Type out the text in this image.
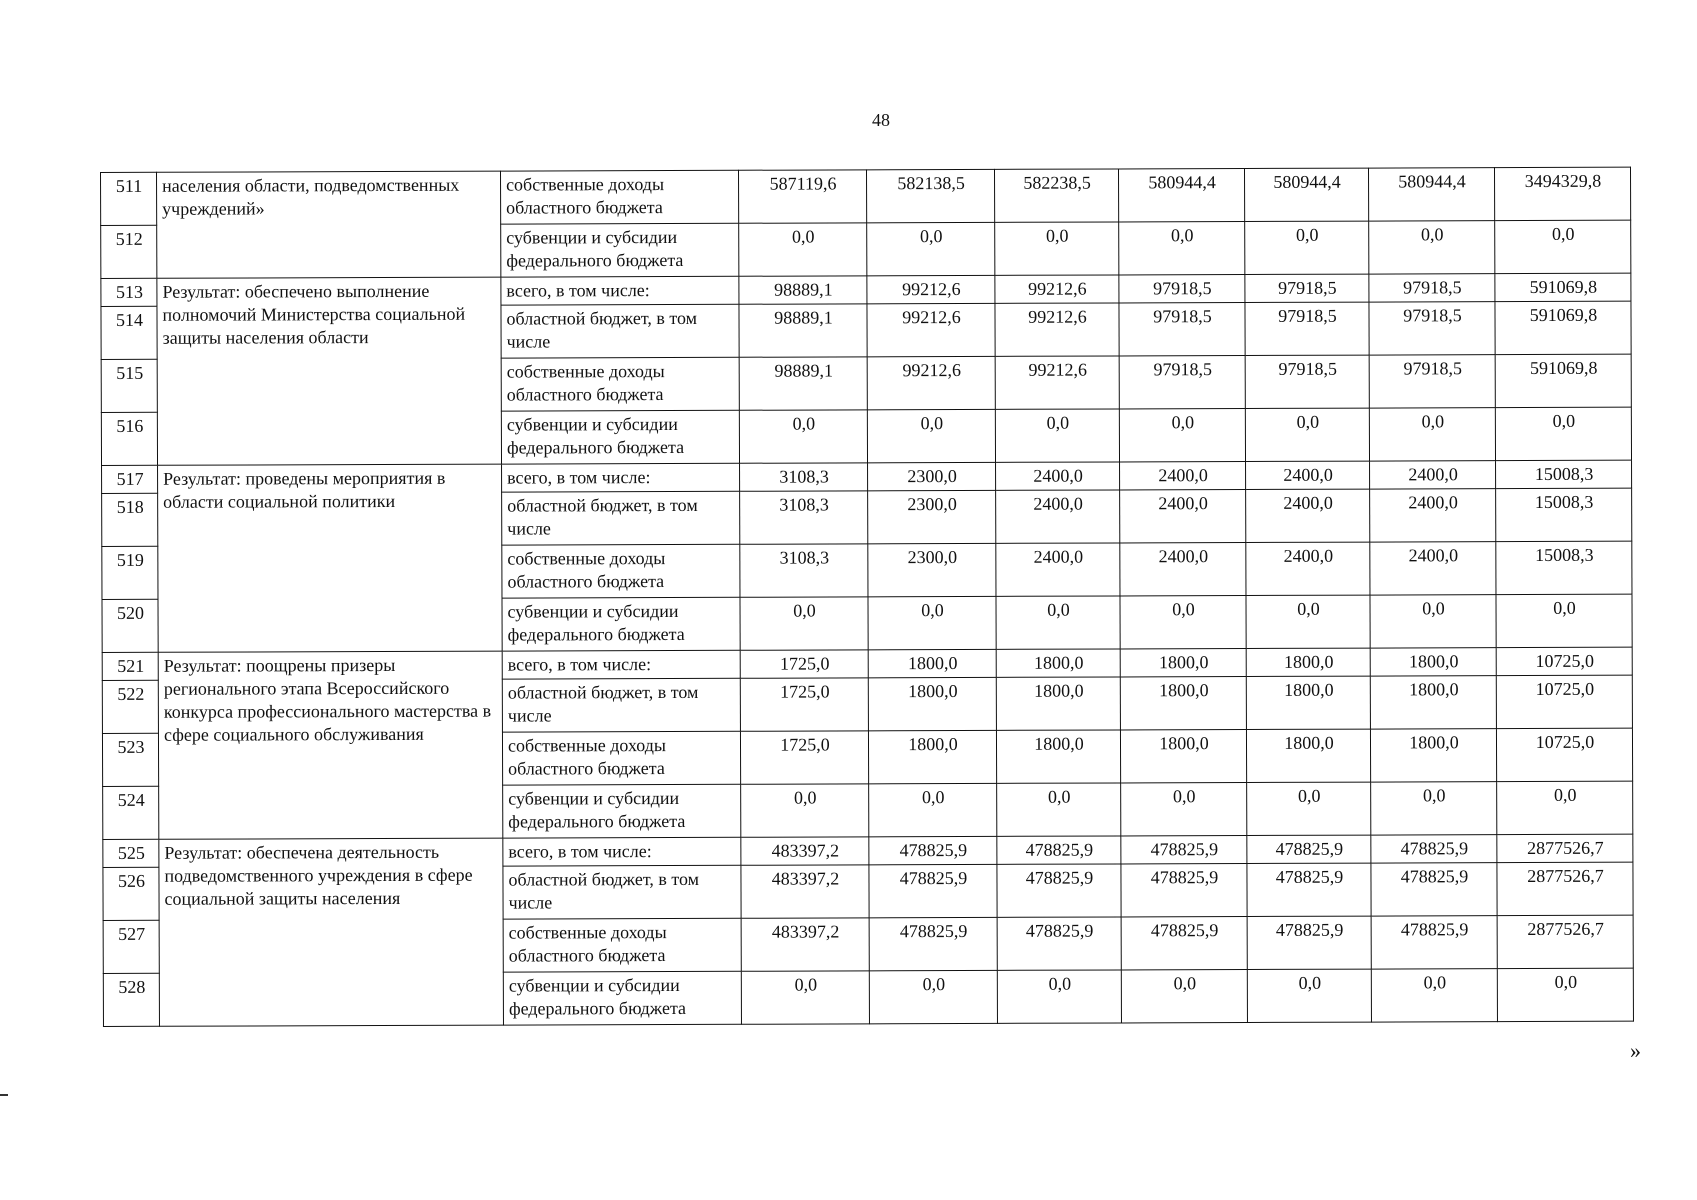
48
511	населения области, подведомственных учреждений»	собственные доходы областного бюджета	587119,6	582138,5	582238,5	580944,4	580944,4	580944,4	3494329,8
512		субвенции и субсидии федерального бюджета	0,0	0,0	0,0	0,0	0,0	0,0	0,0
513	Результат: обеспечено выполнение полномочий Министерства социальной защиты населения области	всего, в том числе:	98889,1	99212,6	99212,6	97918,5	97918,5	97918,5	591069,8
514		областной бюджет, в том числе	98889,1	99212,6	99212,6	97918,5	97918,5	97918,5	591069,8
515		собственные доходы областного бюджета	98889,1	99212,6	99212,6	97918,5	97918,5	97918,5	591069,8
516		субвенции и субсидии федерального бюджета	0,0	0,0	0,0	0,0	0,0	0,0	0,0
517	Результат: проведены мероприятия в области социальной политики	всего, в том числе:	3108,3	2300,0	2400,0	2400,0	2400,0	2400,0	15008,3
518		областной бюджет, в том числе	3108,3	2300,0	2400,0	2400,0	2400,0	2400,0	15008,3
519		собственные доходы областного бюджета	3108,3	2300,0	2400,0	2400,0	2400,0	2400,0	15008,3
520		субвенции и субсидии федерального бюджета	0,0	0,0	0,0	0,0	0,0	0,0	0,0
521	Результат: поощрены призеры регионального этапа Всероссийского конкурса профессионального мастерства в сфере социального обслуживания	всего, в том числе:	1725,0	1800,0	1800,0	1800,0	1800,0	1800,0	10725,0
522		областной бюджет, в том числе	1725,0	1800,0	1800,0	1800,0	1800,0	1800,0	10725,0
523		собственные доходы областного бюджета	1725,0	1800,0	1800,0	1800,0	1800,0	1800,0	10725,0
524		субвенции и субсидии федерального бюджета	0,0	0,0	0,0	0,0	0,0	0,0	0,0
525	Результат: обеспечена деятельность подведомственного учреждения в сфере социальной защиты населения	всего, в том числе:	483397,2	478825,9	478825,9	478825,9	478825,9	478825,9	2877526,7
526		областной бюджет, в том числе	483397,2	478825,9	478825,9	478825,9	478825,9	478825,9	2877526,7
527		собственные доходы областного бюджета	483397,2	478825,9	478825,9	478825,9	478825,9	478825,9	2877526,7
528		субвенции и субсидии федерального бюджета	0,0	0,0	0,0	0,0	0,0	0,0	0,0
»
